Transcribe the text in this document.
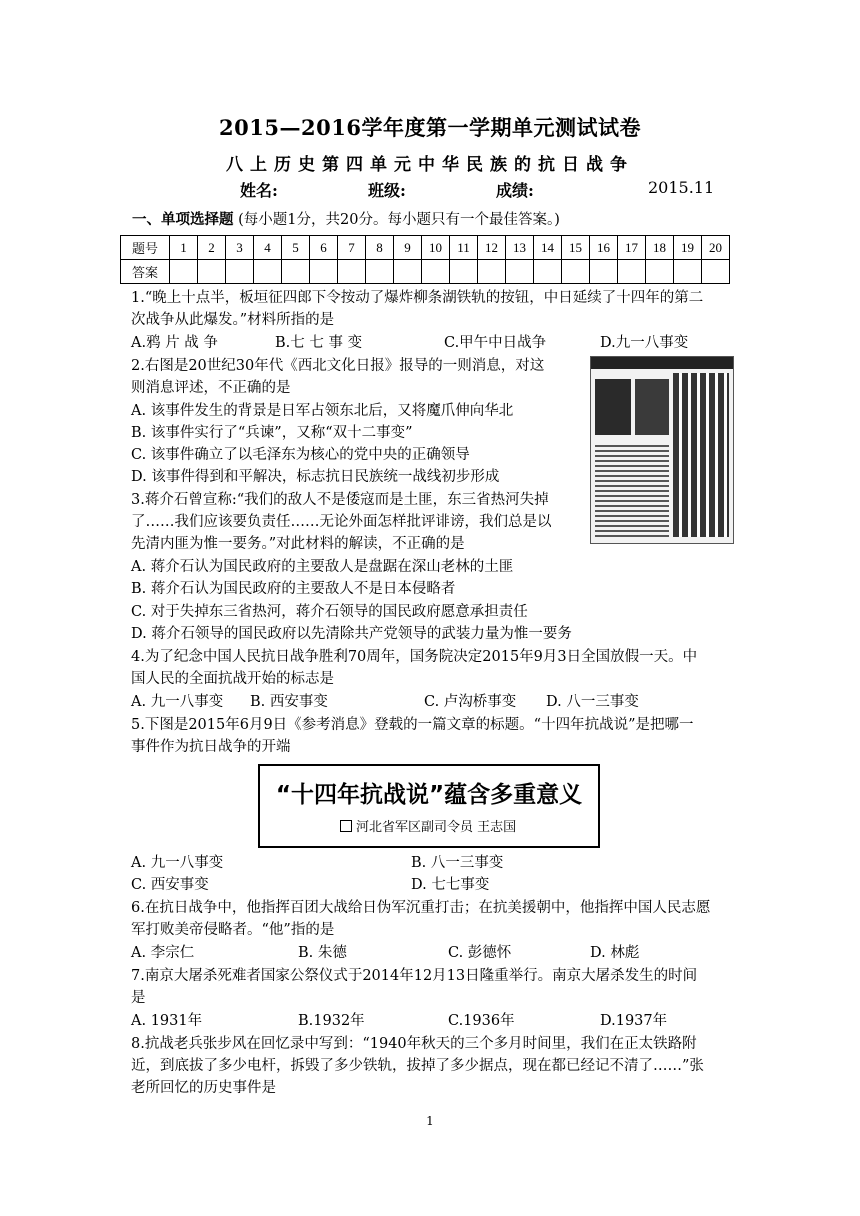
2015—2016学年度第一学期单元测试试卷
八上历史第四单元中华民族的抗日战争
姓名:	班级:	成绩:	2015.11
一、单项选择题 (每小题1分，共20分。每小题只有一个最佳答案。)
题号	1	2	3	4	5	6	7	8	9	10	11	12	13	14	15	16	17	18	19	20
答案																				
1.“晚上十点半，板垣征四郎下令按动了爆炸柳条湖铁轨的按钮，中日延续了十四年的第二
次战争从此爆发。”材料所指的是
A.鸦 片 战 争	B.七 七 事 变	C.甲午中日战争	D.九一八事变
2.右图是20世纪30年代《西北文化日报》报导的一则消息，对这
则消息评述，不正确的是
A. 该事件发生的背景是日军占领东北后，又将魔爪伸向华北
B. 该事件实行了“兵谏”，又称“双十二事变”
C. 该事件确立了以毛泽东为核心的党中央的正确领导
D. 该事件得到和平解决，标志抗日民族统一战线初步形成
3.蒋介石曾宣称:“我们的敌人不是倭寇而是土匪，东三省热河失掉
了……我们应该要负责任……无论外面怎样批评诽谤，我们总是以
先清内匪为惟一要务。”对此材料的解读，不正确的是
A. 蒋介石认为国民政府的主要敌人是盘踞在深山老林的土匪
B. 蒋介石认为国民政府的主要敌人不是日本侵略者
C. 对于失掉东三省热河，蒋介石领导的国民政府愿意承担责任
D. 蒋介石领导的国民政府以先清除共产党领导的武装力量为惟一要务
4.为了纪念中国人民抗日战争胜利70周年，国务院决定2015年9月3日全国放假一天。中
国人民的全面抗战开始的标志是
A. 九一八事变 B. 西安事变	C. 卢沟桥事变 D. 八一三事变
5.下图是2015年6月9日《参考消息》登载的一篇文章的标题。“十四年抗战说”是把哪一
事件作为抗日战争的开端
“十四年抗战说”蕴含多重意义
河北省军区副司令员 王志国
A. 九一八事变	B. 八一三事变
C. 西安事变	D. 七七事变
6.在抗日战争中，他指挥百团大战给日伪军沉重打击；在抗美援朝中，他指挥中国人民志愿
军打败美帝侵略者。“他”指的是
A. 李宗仁	B. 朱德	C. 彭德怀	D. 林彪
7.南京大屠杀死难者国家公祭仪式于2014年12月13日隆重举行。南京大屠杀发生的时间
是
A. 1931年	B.1932年	C.1936年	D.1937年
8.抗战老兵张步风在回忆录中写到：“1940年秋天的三个多月时间里，我们在正太铁路附
近，到底拔了多少电杆，拆毁了多少铁轨，拔掉了多少据点，现在都已经记不清了……”张
老所回忆的历史事件是
1
